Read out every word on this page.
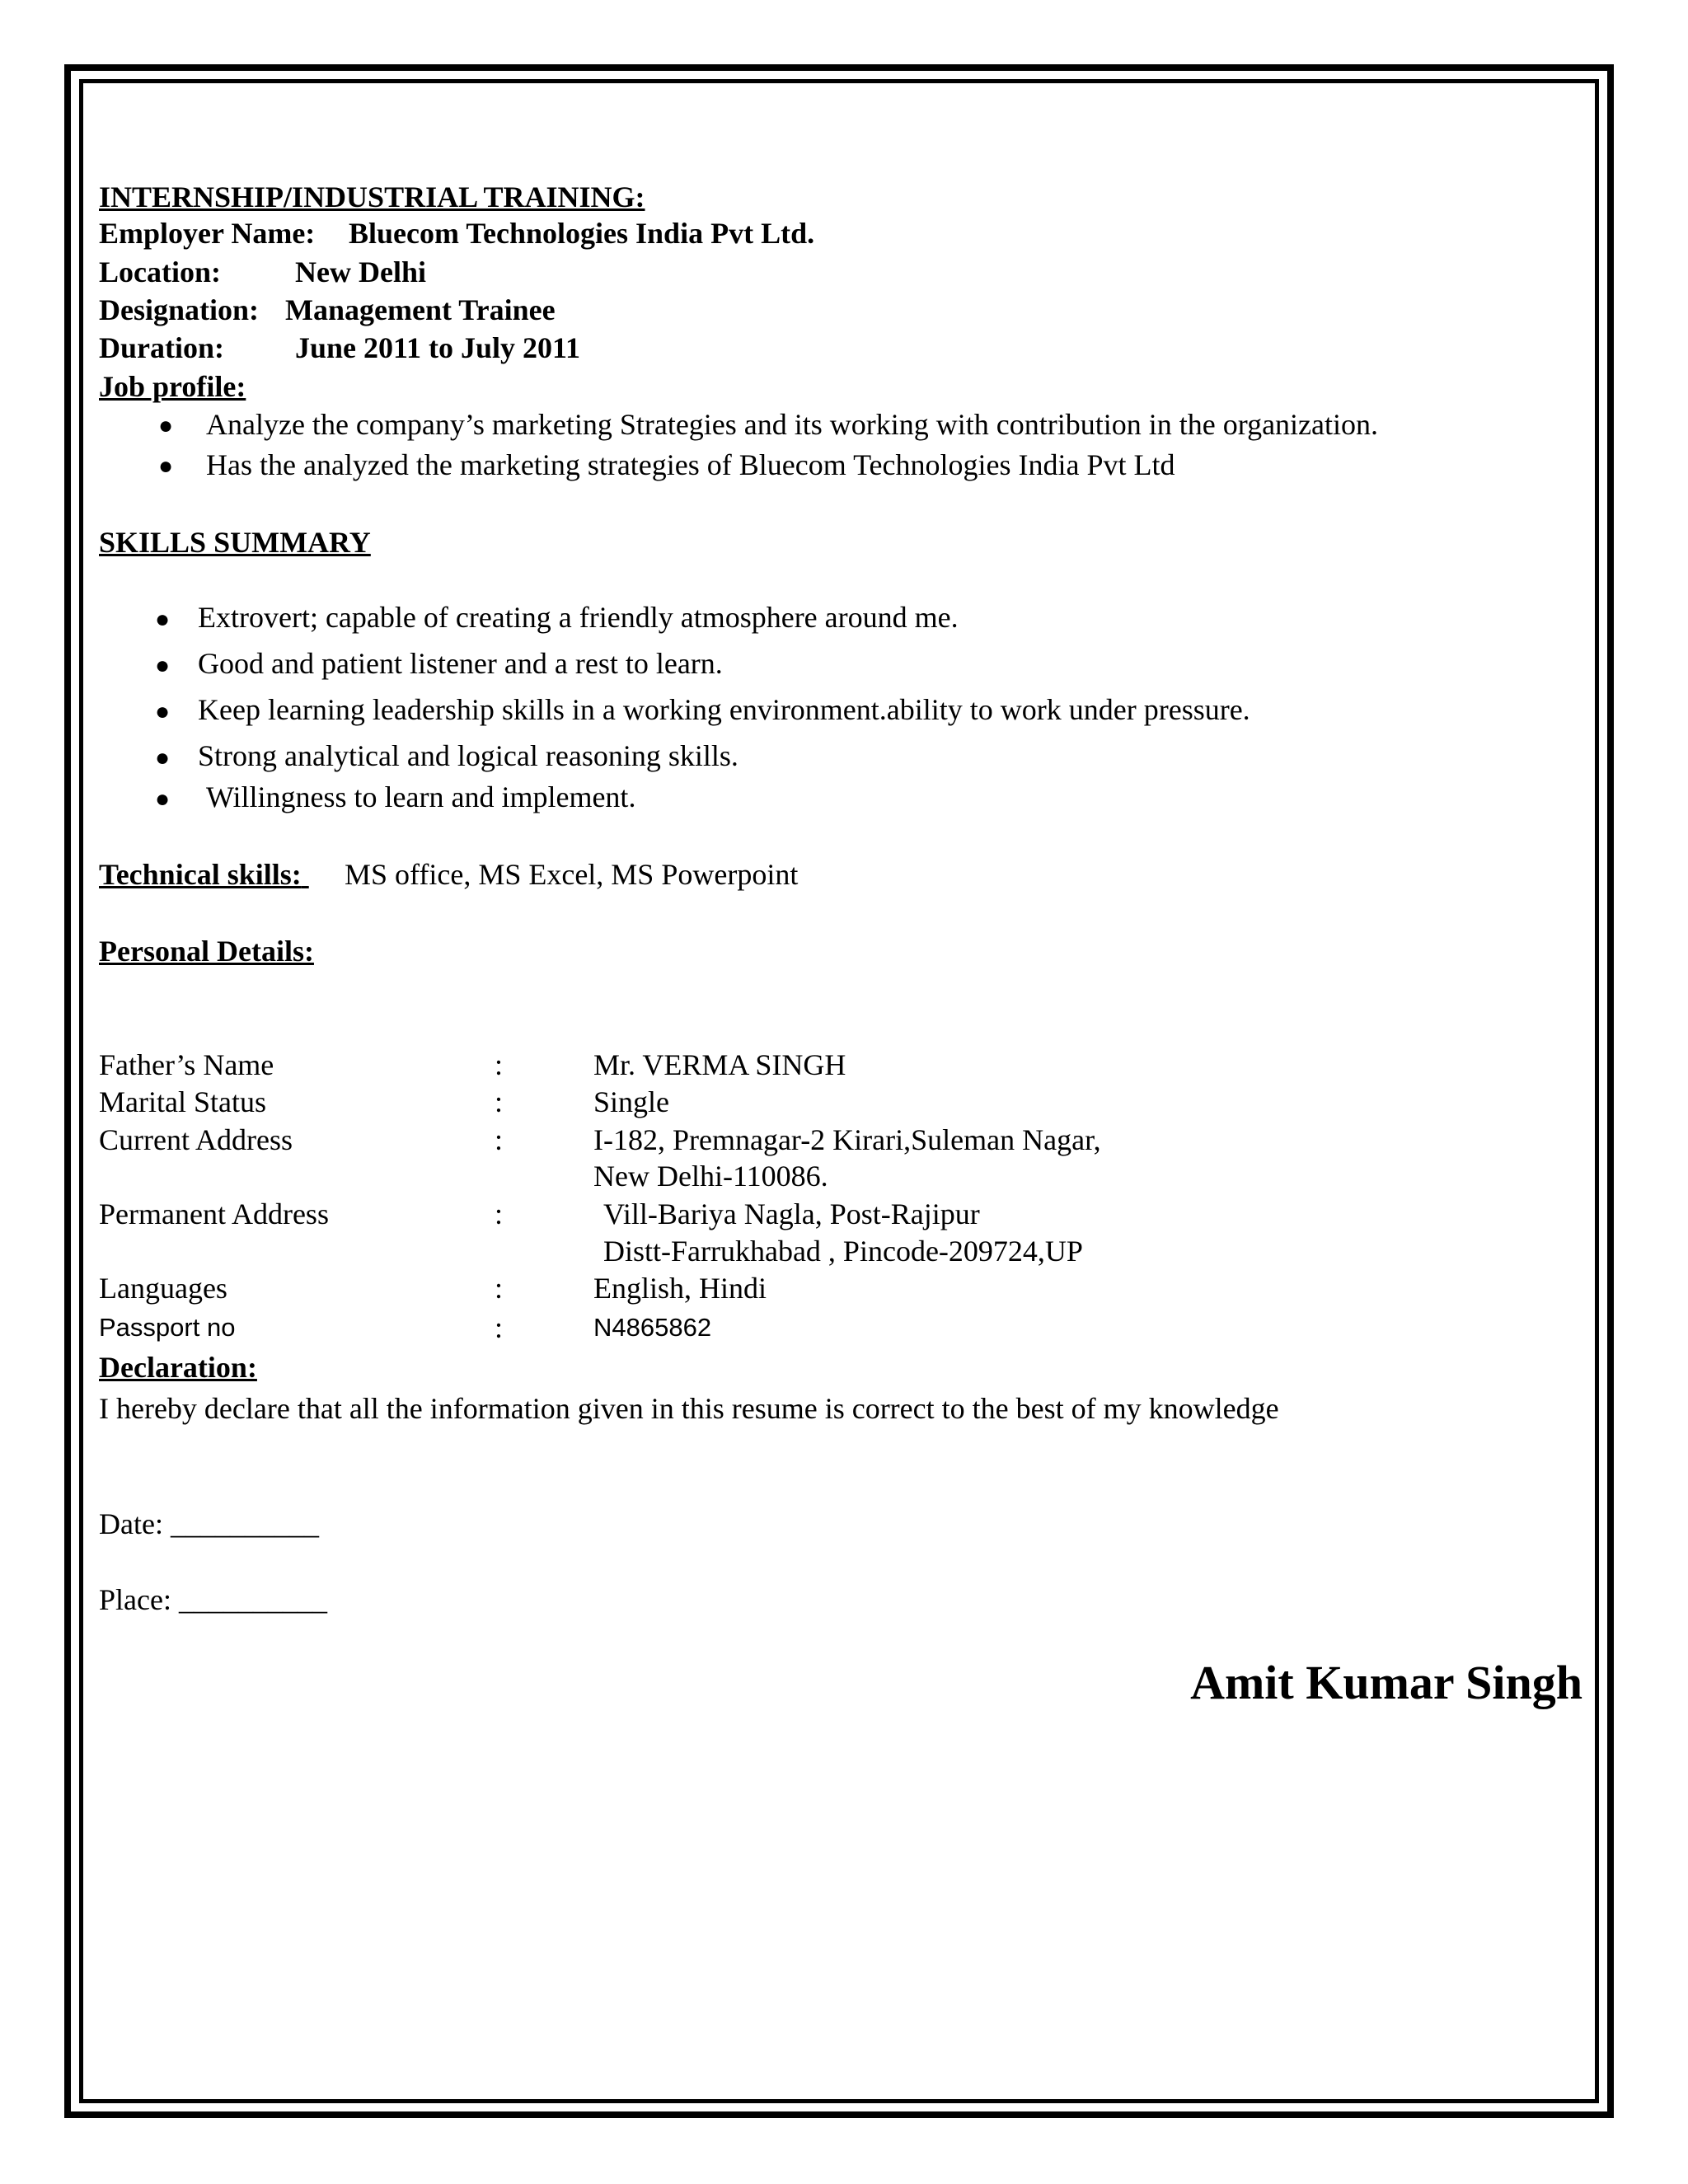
INTERNSHIP/INDUSTRIAL TRAINING:
Employer Name: Bluecom Technologies India Pvt Ltd.
Location:	New Delhi
Designation: Management Trainee
Duration: June 2011 to July 2011
Job profile:
● Analyze the company’s marketing Strategies and its working with contribution in the organization.
● Has the analyzed the marketing strategies of Bluecom Technologies India Pvt Ltd
SKILLS SUMMARY
● Extrovert; capable of creating a friendly atmosphere around me.
● Good and patient listener and a rest to learn.
● Keep learning leadership skills in a working environment.ability to work under pressure.
● Strong analytical and logical reasoning skills.
● Willingness to learn and implement.
Technical skills: MS office, MS Excel, MS Powerpoint
Personal Details:
Father’s Name	:	Mr. VERMA SINGH
Marital Status	:	Single
Current Address	:	I-182, Premnagar-2 Kirari,Suleman Nagar,
New Delhi-110086.
Permanent Address	:	Vill-Bariya Nagla, Post-Rajipur
Distt-Farrukhabad , Pincode-209724,UP
Languages	:	English, Hindi
Passport no	:	N4865862
Declaration:
I hereby declare that all the information given in this resume is correct to the best of my knowledge
Date: __________
Place: __________
Amit Kumar Singh
